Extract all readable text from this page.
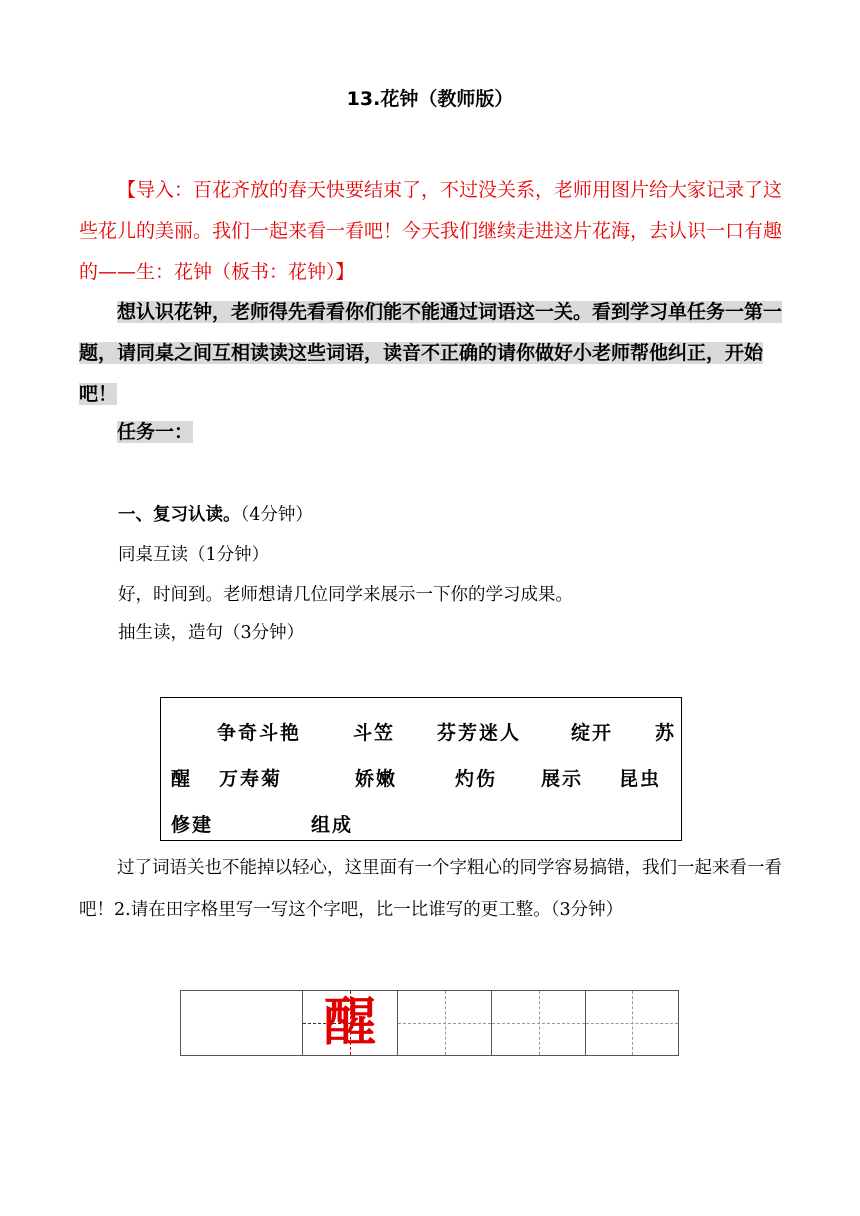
13.花钟（教师版）
【导入：百花齐放的春天快要结束了，不过没关系，老师用图片给大家记录了这些花儿的美丽。我们一起来看一看吧！今天我们继续走进这片花海，去认识一口有趣的——生：花钟（板书：花钟）】
想认识花钟，老师得先看看你们能不能通过词语这一关。看到学习单任务一第一题，请同桌之间互相读读这些词语，读音不正确的请你做好小老师帮他纠正，开始吧！
任务一：
一、复习认读。（4分钟）
同桌互读（1分钟）
好，时间到。老师想请几位同学来展示一下你的学习成果。
抽生读，造句（3分钟）
争奇斗艳	斗笠 芬芳迷人	绽开 苏
醒 万寿菊	娇嫩	灼伤 展示 昆虫
修建	组成
过了词语关也不能掉以轻心，这里面有一个字粗心的同学容易搞错，我们一起来看一看吧！2.请在田字格里写一写这个字吧，比一比谁写的更工整。（3分钟）
醒
